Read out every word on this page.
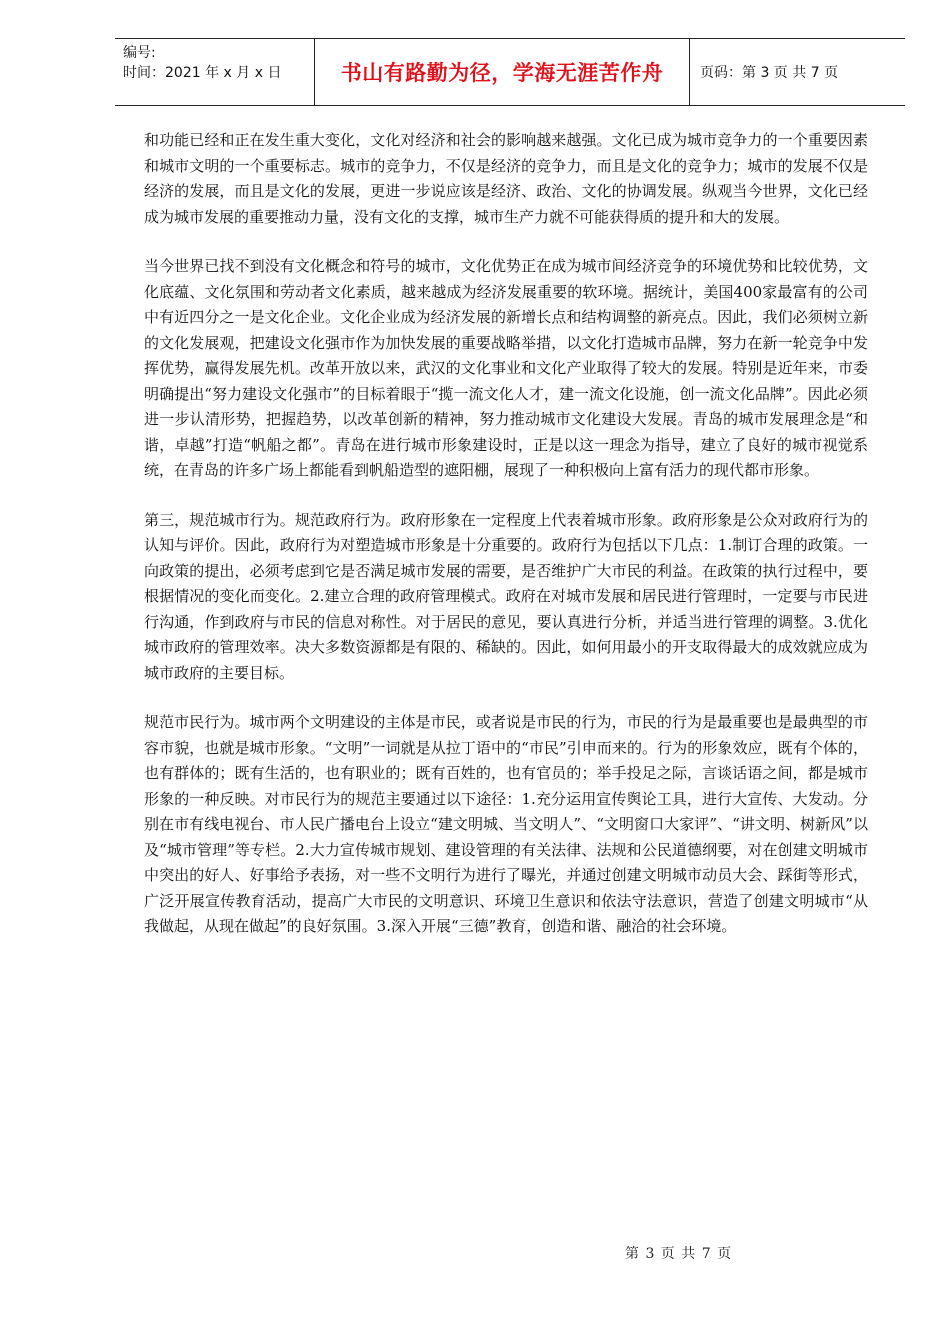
编号:
时间：2021 年 x 月 x 日	书山有路勤为径，学海无涯苦作舟	页码：第 3 页 共 7 页

和功能已经和正在发生重大变化，文化对经济和社会的影响越来越强。文化已成为城市竞争力的一个重要因素和城市文明的一个重要标志。城市的竞争力，不仅是经济的竞争力，而且是文化的竞争力；城市的发展不仅是经济的发展，而且是文化的发展，更进一步说应该是经济、政治、文化的协调发展。纵观当今世界，文化已经成为城市发展的重要推动力量，没有文化的支撑，城市生产力就不可能获得质的提升和大的发展。

当今世界已找不到没有文化概念和符号的城市，文化优势正在成为城市间经济竞争的环境优势和比较优势，文化底蕴、文化氛围和劳动者文化素质，越来越成为经济发展重要的软环境。据统计，美国400家最富有的公司中有近四分之一是文化企业。文化企业成为经济发展的新增长点和结构调整的新亮点。因此，我们必须树立新的文化发展观，把建设文化强市作为加快发展的重要战略举措，以文化打造城市品牌，努力在新一轮竞争中发挥优势，赢得发展先机。改革开放以来，武汉的文化事业和文化产业取得了较大的发展。特别是近年来，市委明确提出“努力建设文化强市”的目标着眼于“揽一流文化人才，建一流文化设施，创一流文化品牌”。因此必须进一步认清形势，把握趋势，以改革创新的精神，努力推动城市文化建设大发展。青岛的城市发展理念是“和谐，卓越”打造“帆船之都”。青岛在进行城市形象建设时，正是以这一理念为指导，建立了良好的城市视觉系统，在青岛的许多广场上都能看到帆船造型的遮阳棚，展现了一种积极向上富有活力的现代都市形象。

第三，规范城市行为。规范政府行为。政府形象在一定程度上代表着城市形象。政府形象是公众对政府行为的认知与评价。因此，政府行为对塑造城市形象是十分重要的。政府行为包括以下几点：1.制订合理的政策。一向政策的提出，必须考虑到它是否满足城市发展的需要，是否维护广大市民的利益。在政策的执行过程中，要根据情况的变化而变化。2.建立合理的政府管理模式。政府在对城市发展和居民进行管理时，一定要与市民进行沟通，作到政府与市民的信息对称性。对于居民的意见，要认真进行分析，并适当进行管理的调整。3.优化城市政府的管理效率。决大多数资源都是有限的、稀缺的。因此，如何用最小的开支取得最大的成效就应成为城市政府的主要目标。

规范市民行为。城市两个文明建设的主体是市民，或者说是市民的行为，市民的行为是最重要也是最典型的市容市貌，也就是城市形象。“文明”一词就是从拉丁语中的“市民”引申而来的。行为的形象效应，既有个体的，也有群体的；既有生活的，也有职业的；既有百姓的，也有官员的；举手投足之际，言谈话语之间，都是城市形象的一种反映。对市民行为的规范主要通过以下途径：1.充分运用宣传舆论工具，进行大宣传、大发动。分别在市有线电视台、市人民广播电台上设立“建文明城、当文明人”、“文明窗口大家评”、“讲文明、树新风”以及“城市管理”等专栏。2.大力宣传城市规划、建设管理的有关法律、法规和公民道德纲要，对在创建文明城市中突出的好人、好事给予表扬，对一些不文明行为进行了曝光，并通过创建文明城市动员大会、踩街等形式，广泛开展宣传教育活动，提高广大市民的文明意识、环境卫生意识和依法守法意识，营造了创建文明城市“从我做起，从现在做起”的良好氛围。3.深入开展“三德”教育，创造和谐、融洽的社会环境。

第 3 页 共 7 页
